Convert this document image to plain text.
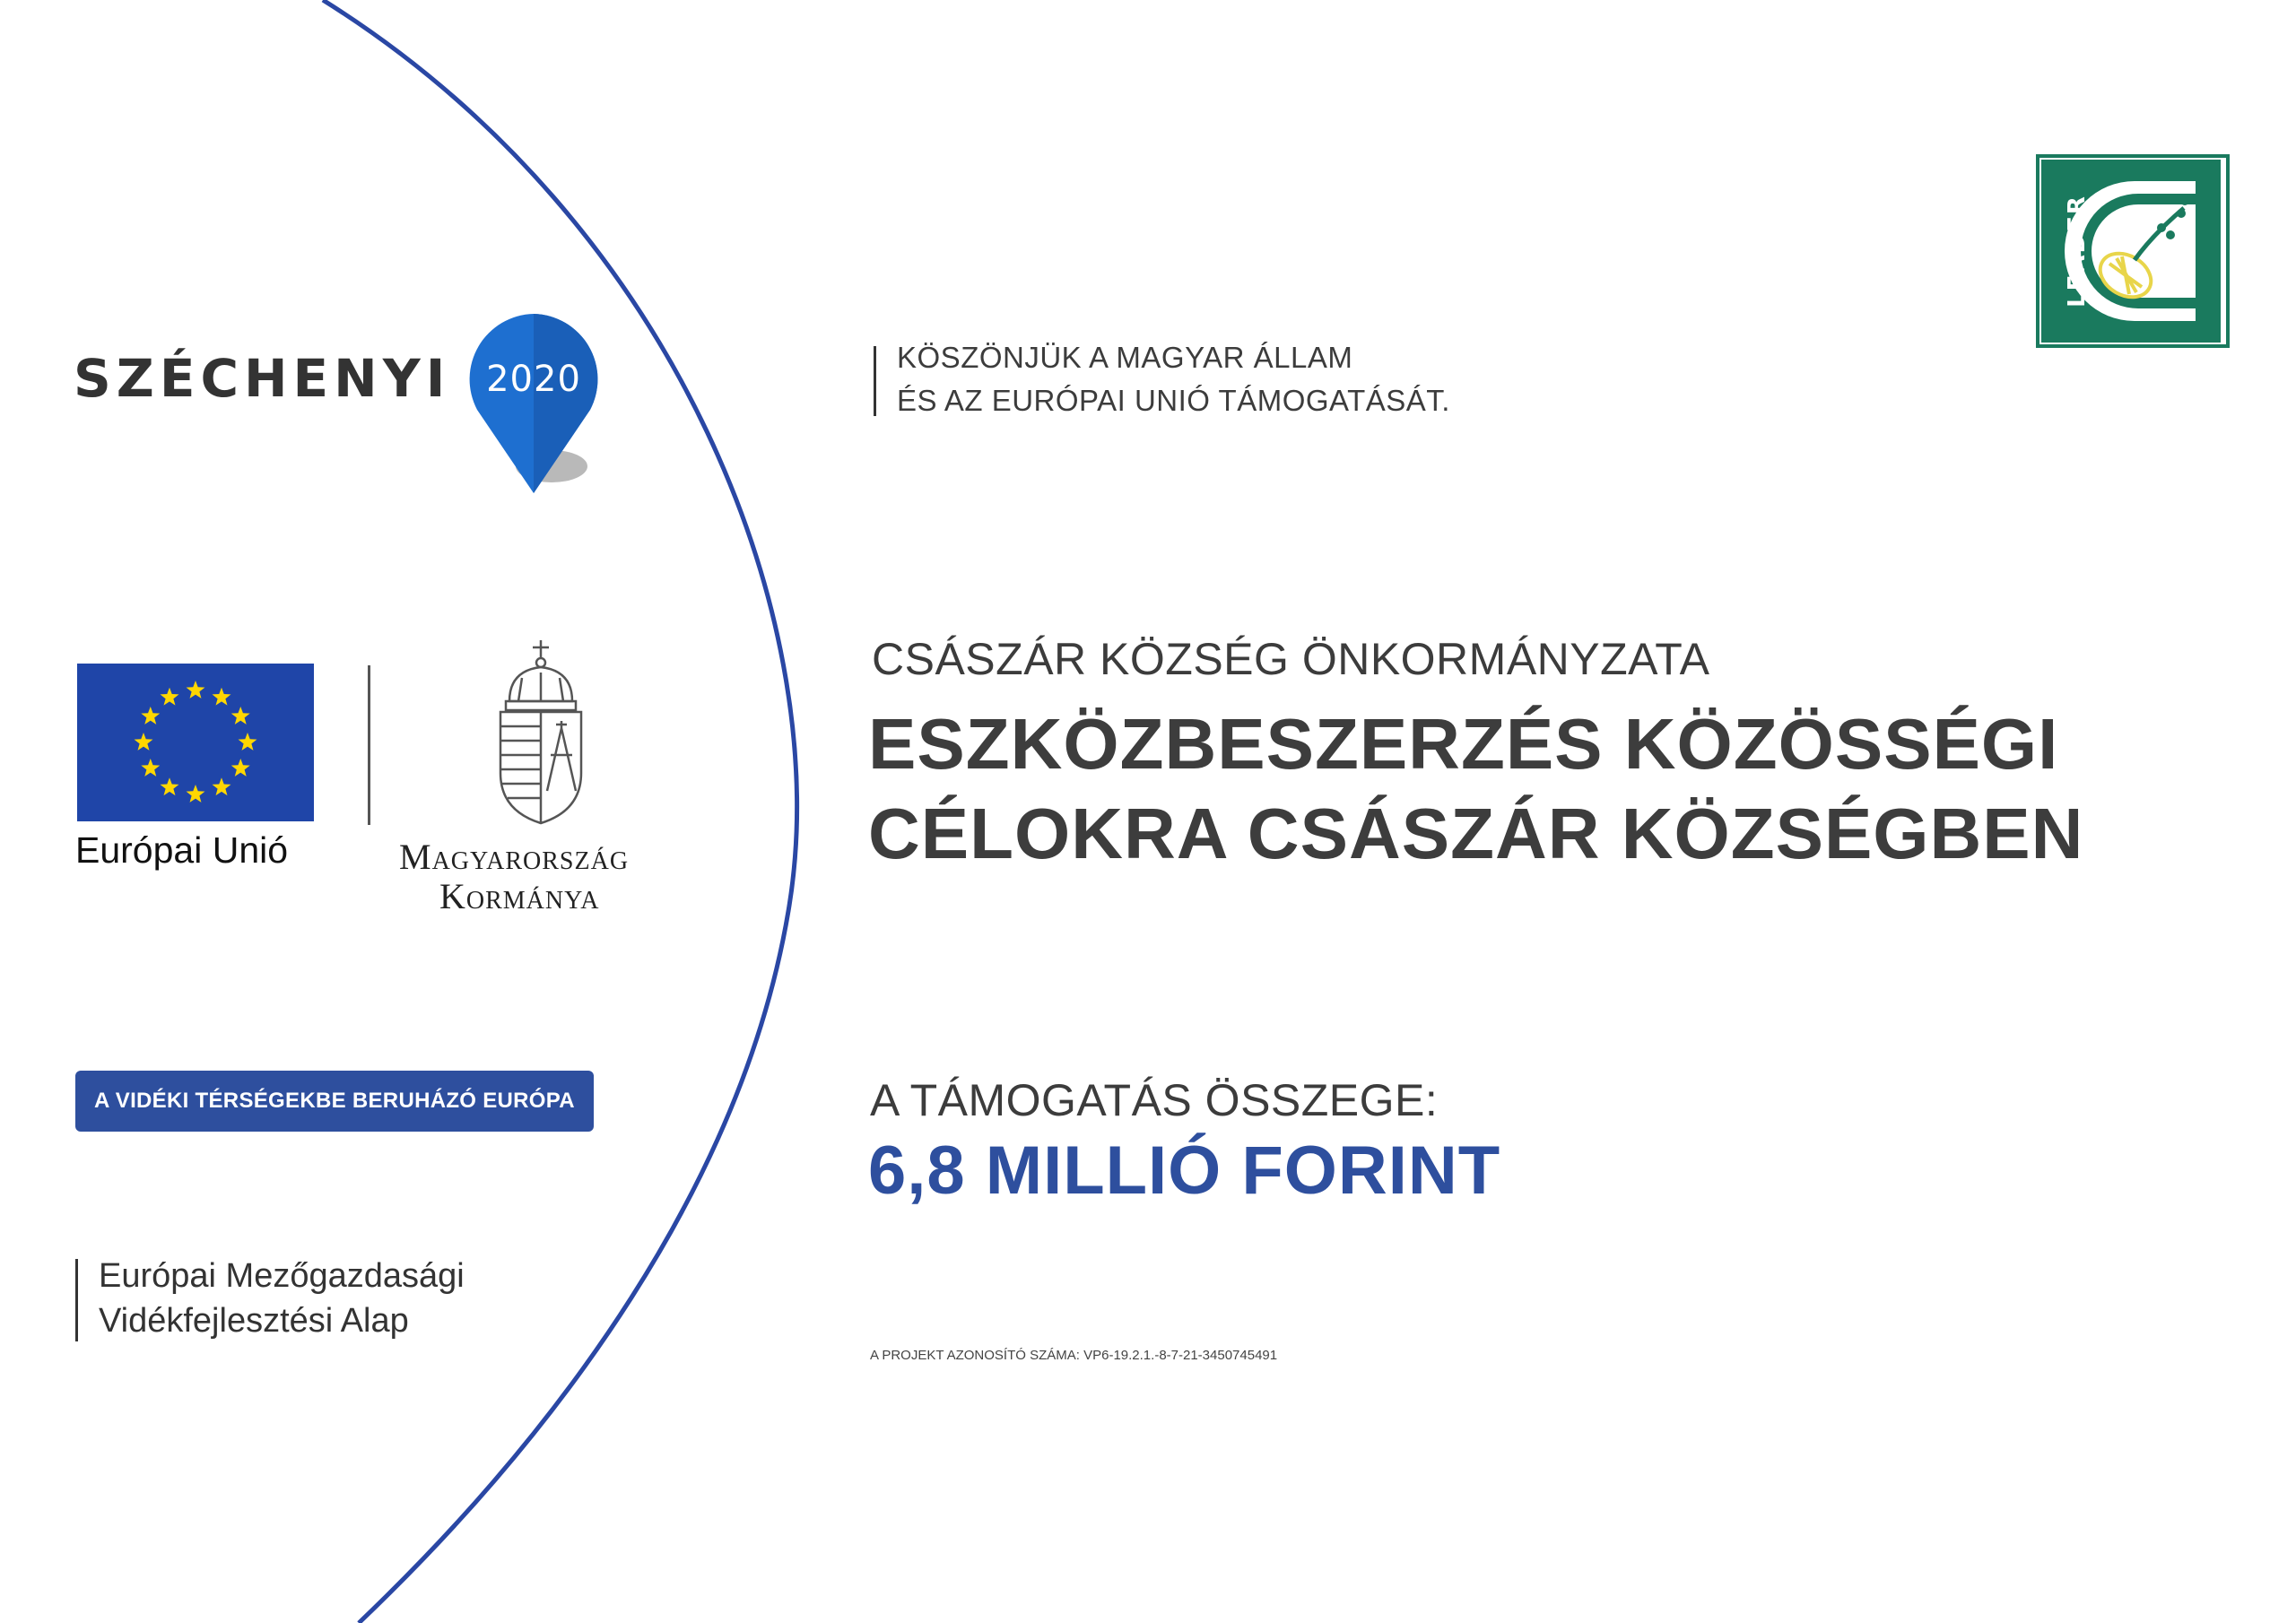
SZÉCHENYI 2020
KÖSZÖNJÜK A MAGYAR ÁLLAM
ÉS AZ EURÓPAI UNIÓ TÁMOGATÁSÁT.
Európai Unió	Magyarország
Kormánya
A VIDÉKI TÉRSÉGEKBE BERUHÁZÓ EURÓPA
Európai Mezőgazdasági
Vidékfejlesztési Alap
LEADER
CSÁSZÁR KÖZSÉG ÖNKORMÁNYZATA
ESZKÖZBESZERZÉS KÖZÖSSÉGI
CÉLOKRA CSÁSZÁR KÖZSÉGBEN
A TÁMOGATÁS ÖSSZEGE:
6,8 MILLIÓ FORINT
A PROJEKT AZONOSÍTÓ SZÁMA: VP6-19.2.1.-8-7-21-3450745491
